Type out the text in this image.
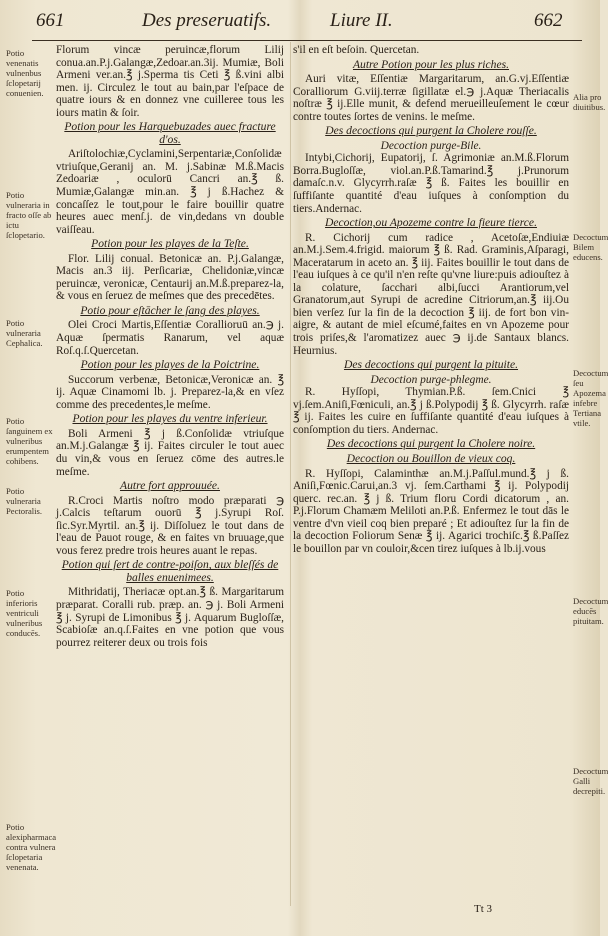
661	Des preseruatifs.	Liure II.	662

Florum vincæ peruincæ,florum Lilij conua.an.P.j.Galangæ,Zedoar.an.3ij. Mumiæ, Boli Armeni ver.an.℥ j.Sperma tis Ceti ℥ ß.vini albi men. ij. Circulez le tout au bain,par l'eſpace de quatre iours & en donnez vne cuilleree tous les iours matin & ſoir.

Potion pour les Harquebuzades auec fracture d'os.

Ariſtolochiæ,Cyclamini,Serpentariæ,Conſolidæ vtriuſque,Geranij an. M. j.Sabinæ M.ß.Macis Zedoariæ , oculorū Cancri an.℥ ß. Mumiæ,Galangæ min.an. ℥ j ß.Hachez & concaſſez le tout,pour le faire bouillir quatre heures auec menſ.j. de vin,dedans vn double vaiſſeau.

Potion pour les playes de la Teſte.

Flor. Lilij conual. Betonicæ an. P.j.Galangæ, Macis an.3 iij. Perſicariæ, Chelidoniæ,vincæ peruincæ, veronicæ, Centaurij an.M.ß.preparez-la, & vous en ſeruez de meſmes que des precedētes.

Potio pour eſtācher le ſang des playes.

Olei Croci Martis,Eſſentiæ Corallioruū an.℈ j. Aquæ ſpermatis Ranarum, vel aquæ Roſ.q.ſ.Quercetan.

Potion pour les playes de la Poictrine.

Succorum verbenæ, Betonicæ,Veronicæ an. ℥ ij. Aquæ Cinamomi lb. j. Preparez-la,& en vſez comme des precedentes,le meſme.

Potion pour les playes du ventre inferieur.

Boli Armeni ℥ j ß.Conſolidæ vtriuſque an.M.j.Galangæ ℥ ij. Faites circuler le tout auec du vin,& vous en ſeruez cōme des autres.le meſme.

Autre fort approuuée.

R.Croci Martis noſtro modo præparati ℈ j.Calcis teſtarum ouorū ℥ j.Syrupi Roſ. ſic.Syr.Myrtil. an.℥ ij. Diſſoluez le tout dans de l'eau de Pauot rouge, & en faites vn bruuage,que vous ferez predre trois heures auant le repas.

Potion qui ſert de contre-poiſon, aux bleſſés de balles enuenimees.

Mithridatij, Theriacæ opt.an.℥ ß. Margaritarum præparat. Coralli rub. præp. an. ℈ j. Boli Armeni ℥ j. Syrupi de Limonibus ℥ j. Aquarum Bugloſſæ, Scabioſæ an.q.ſ.Faites en vne potion que vous pourrez reiterer deux ou trois fois

s'il en eſt beſoin. Quercetan.

Autre Potion pour les plus riches.

Auri vitæ, Eſſentiæ Margaritarum, an.G.vj.Eſſentiæ Coralliorum G.viij.terræ ſigillatæ el.℈ j.Aquæ Theriacalis noſtræ ℥ ij.Elle munit, & defend merueilleuſement le cœur contre toutes ſortes de venins. le meſme.

Des decoctions qui purgent la Cholere rouſſe.
Decoction purge-Bile.

Intybi,Cichorij, Eupatorij, ſ. Agrimoniæ an.M.ß.Florum Borra.Bugloſſæ, viol.an.P.ß.Tamarind.℥ j.Prunorum damaſc.n.v. Glycyrrh.raſæ ℥ ß. Faites les bouillir en ſuffiſante quantité d'eau iuſques à conſomption du tiers.Andernac.

Decoction,ou Apozeme contre la fieure tierce.

R. Cichorij cum radice , Acetoſæ,Endiuiæ an.M.j.Sem.4.frigid. maiorum ℥ ß. Rad. Graminis,Aſparagi, Maceratarum in aceto an. ℥ iij. Faites bouillir le tout dans de l'eau iuſques à ce qu'il n'en reſte qu'vne liure:puis adiouſtez à la colature, ſacchari albi,ſucci Arantiorum,vel Granatorum,aut Syrupi de acredine Citriorum,an.℥ iij.Ou bien verſez ſur la fin de la decoction ℥ iij. de fort bon vin-aigre, & autant de miel eſcumé,faites en vn Apozeme pour trois priſes,& l'aromatizez auec ℈ ij.de Santaux blancs. Heurnius.

Des decoctions qui purgent la pituite.
Decoction purge-phlegme.

R. Hyſſopi, Thymian.P.ß. ſem.Cnici ℥ vj.ſem.Aniſi,Fœniculi, an.℥ j ß.Polypodij ℥ ß. Glycyrrh. raſæ ℥ ij. Faites les cuire en ſuffiſante quantité d'eau iuſques à conſomption du tiers. Andernac.

Des decoctions qui purgent la Cholere noire.
Decoction ou Bouillon de vieux coq.

R. Hyſſopi, Calaminthæ an.M.j.Paſſul.mund.℥ j ß. Aniſi,Fœnic.Carui,an.3 vj. ſem.Carthami ℥ ij. Polypodij querc. rec.an. ℥ j ß. Trium floru Cordi dicatorum , an. P.j.Florum Chamæm Meliloti an.P.ß. Enfermez le tout dās le ventre d'vn vieil coq bien preparé ; Et adiouſtez ſur la fin de la decoction Foliorum Senæ ℥ ij. Agarici trochiſc.℥ ß.Paſſez le bouillon par vn couloir,&cen tirez iuſques à lb.ij.vous

Potio venenatis vulnenbus ſclopetarij conuenien.
Potio vulneraria in fracto oſſe ab ictu ſclopetario.
Potio vulneraria Cephalica.
Potio ſanguinem ex vulneribus erumpentem cohibens.
Potio vulneraria Pectoralis.
Potio inferioris ventriculi vulneribus conducēs.
Potio alexipharmaca contra vulnera ſclopetaria venenata.
Alia pro diuitibus.
Decoctum Bilem educens.
Decoctum ſeu Apozema infebre Tertiana vtile.
Decoctum educēs pituitam.
Decoctum Galli decrepiti.
Tt 3
